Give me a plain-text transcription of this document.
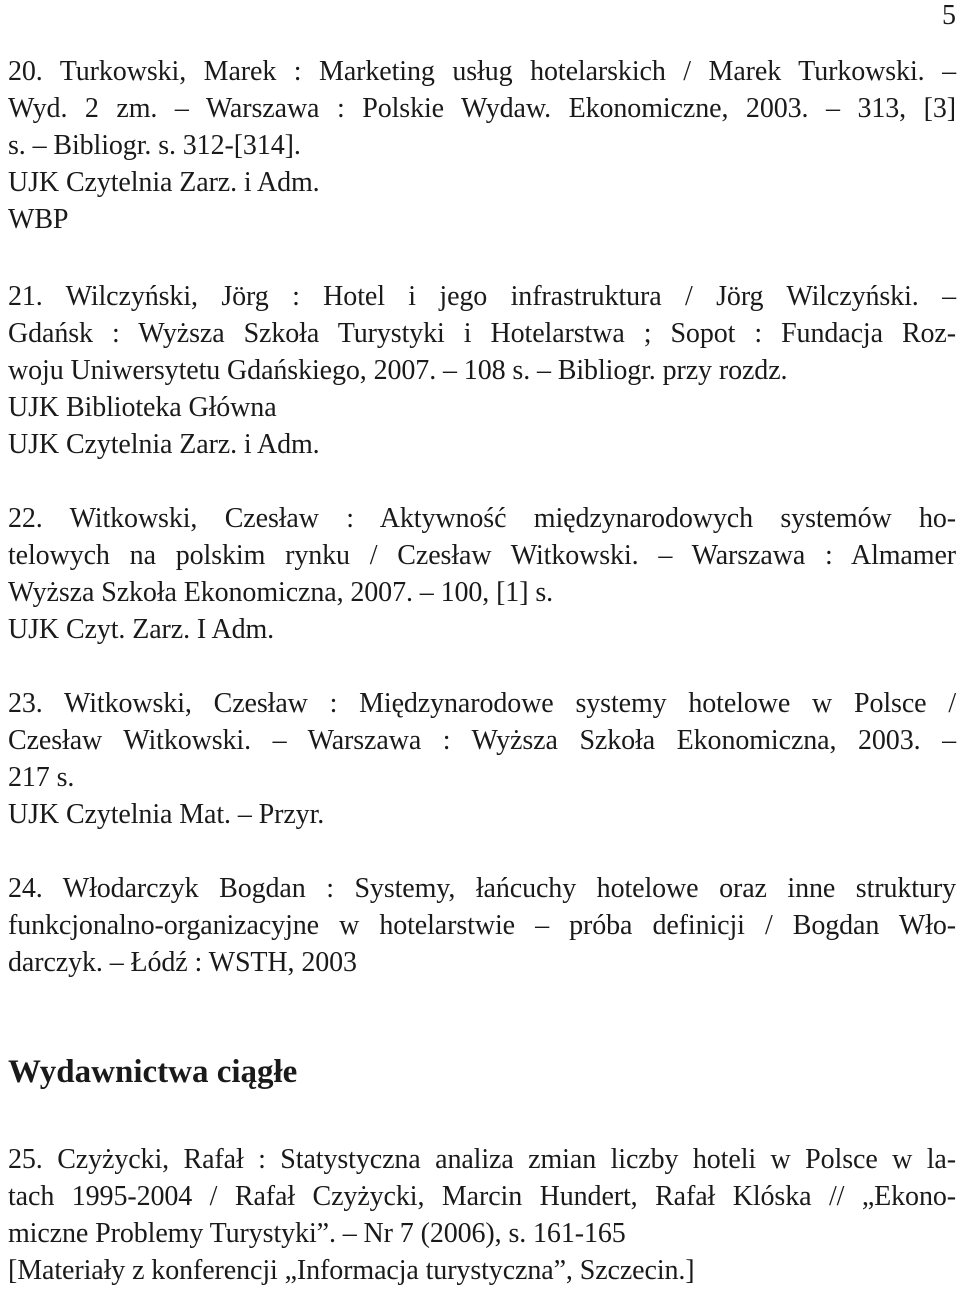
5
20. Turkowski, Marek : Marketing usług hotelarskich / Marek Turkowski. –
Wyd. 2 zm. – Warszawa : Polskie Wydaw. Ekonomiczne, 2003. – 313, [3]
s. – Bibliogr. s. 312-[314].
UJK Czytelnia Zarz. i Adm.
WBP
21. Wilczyński, Jörg : Hotel i jego infrastruktura / Jörg Wilczyński. –
Gdańsk : Wyższa Szkoła Turystyki i Hotelarstwa ; Sopot : Fundacja Roz-
woju Uniwersytetu Gdańskiego, 2007. – 108 s. – Bibliogr. przy rozdz.
UJK Biblioteka Główna
UJK Czytelnia Zarz. i Adm.
22. Witkowski, Czesław : Aktywność międzynarodowych systemów ho-
telowych na polskim rynku / Czesław Witkowski. – Warszawa : Almamer
Wyższa Szkoła Ekonomiczna, 2007. – 100, [1] s.
UJK Czyt. Zarz. I Adm.
23. Witkowski, Czesław : Międzynarodowe systemy hotelowe w Polsce /
Czesław Witkowski. – Warszawa : Wyższa Szkoła Ekonomiczna, 2003. –
217 s.
UJK Czytelnia Mat. – Przyr.
24. Włodarczyk Bogdan : Systemy, łańcuchy hotelowe oraz inne struktury
funkcjonalno-organizacyjne w hotelarstwie – próba definicji / Bogdan Wło-
darczyk. – Łódź : WSTH, 2003
Wydawnictwa ciągłe
25. Czyżycki, Rafał : Statystyczna analiza zmian liczby hoteli w Polsce w la-
tach 1995-2004 / Rafał Czyżycki, Marcin Hundert, Rafał Klóska // „Ekono-
miczne Problemy Turystyki”. – Nr 7 (2006), s. 161-165
[Materiały z konferencji „Informacja turystyczna”, Szczecin.]
